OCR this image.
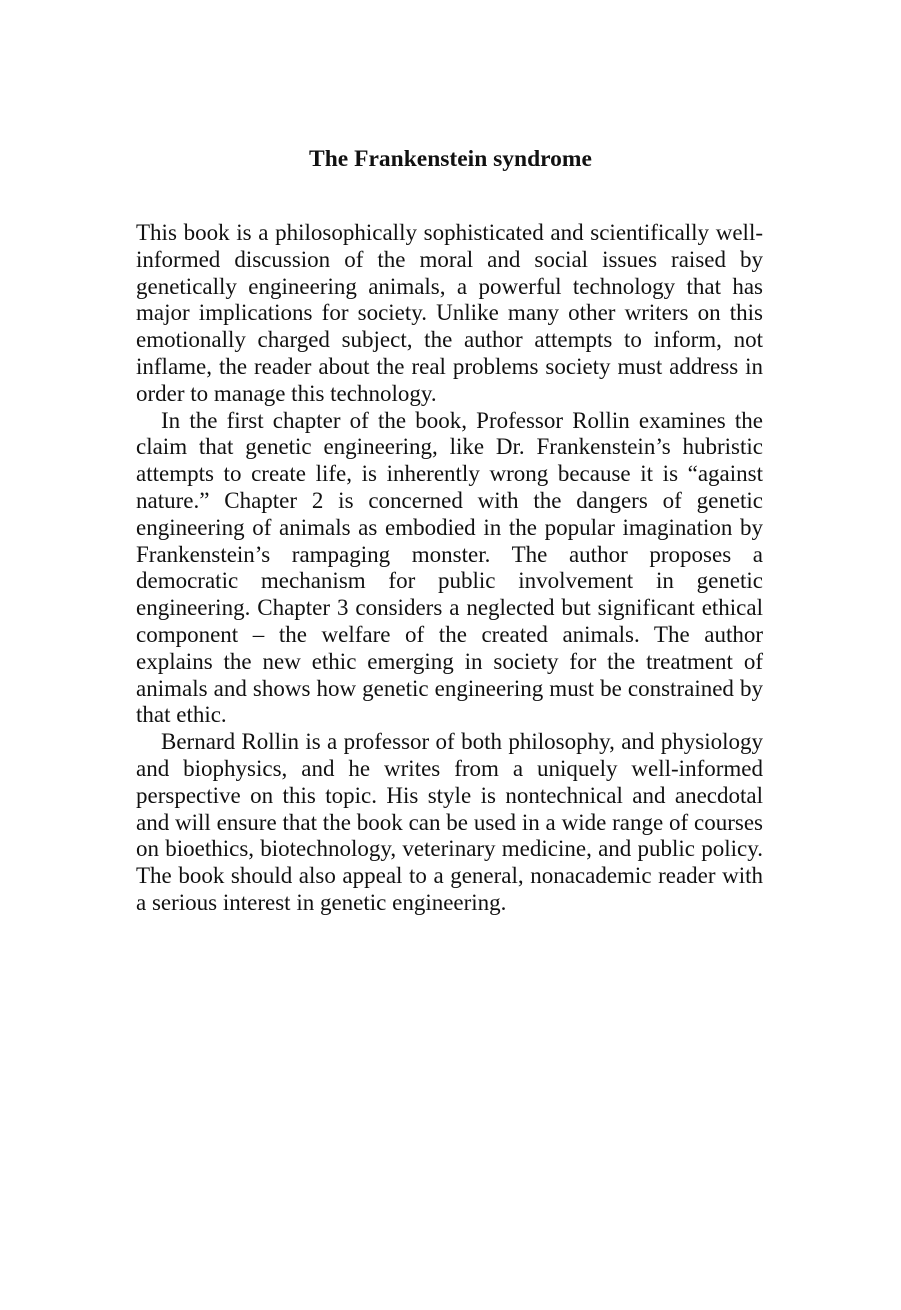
The Frankenstein syndrome

This book is a philosophically sophisticated and scientifically well-informed discussion of the moral and social issues raised by genetically engineering animals, a powerful technology that has major implications for society. Unlike many other writers on this emotionally charged subject, the author attempts to inform, not inflame, the reader about the real problems society must address in order to manage this technology.

In the first chapter of the book, Professor Rollin examines the claim that genetic engineering, like Dr. Frankenstein’s hubristic attempts to create life, is inherently wrong because it is “against nature.” Chapter 2 is concerned with the dangers of genetic engineering of animals as embodied in the popular imagination by Frankenstein’s rampaging monster. The author proposes a democratic mechanism for public involvement in genetic engineering. Chapter 3 considers a neglected but significant ethical component – the welfare of the created animals. The author explains the new ethic emerging in society for the treatment of animals and shows how genetic engineering must be constrained by that ethic.

Bernard Rollin is a professor of both philosophy, and physiology and biophysics, and he writes from a uniquely well-informed perspective on this topic. His style is nontechnical and anecdotal and will ensure that the book can be used in a wide range of courses on bioethics, biotechnology, veterinary medicine, and public policy. The book should also appeal to a general, nonacademic reader with a serious interest in genetic engineering.
